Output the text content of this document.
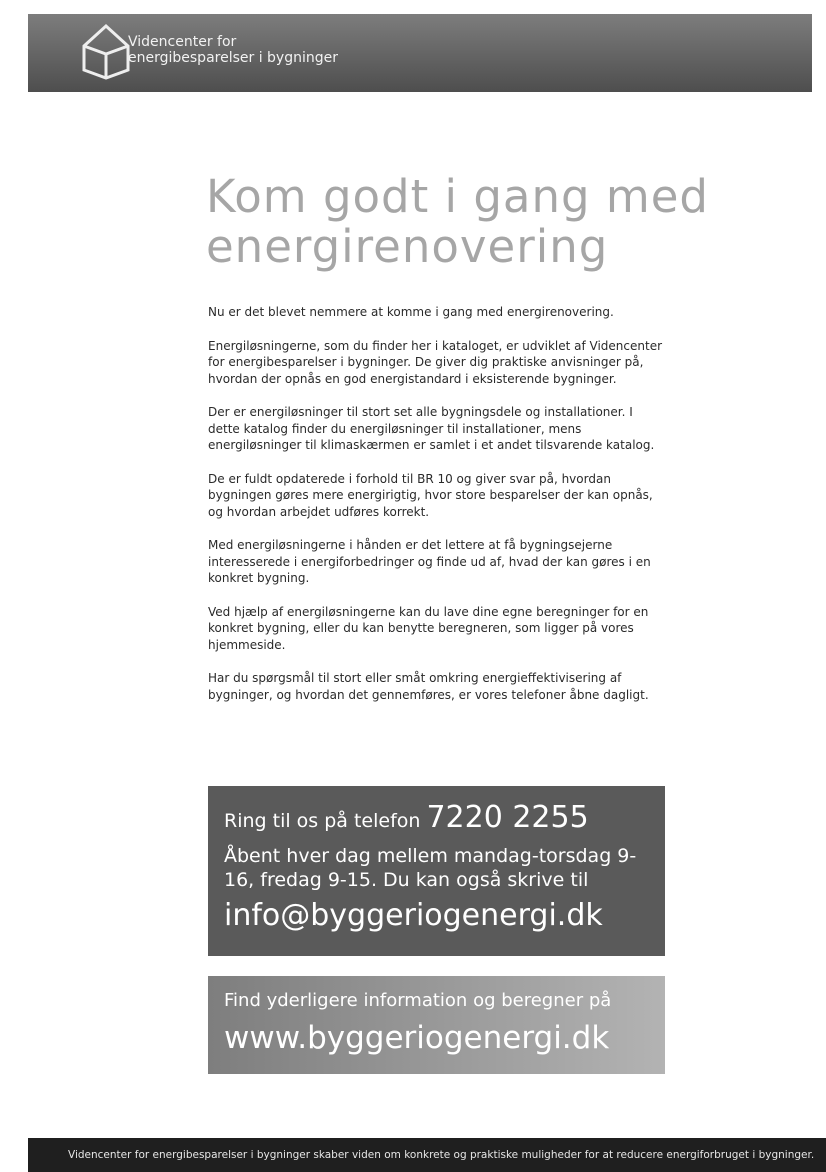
Videncenter for
energibesparelser i bygninger
Kom godt i gang med
energirenovering

Nu er det blevet nemmere at komme i gang med energirenovering.

Energiløsningerne, som du finder her i kataloget, er udviklet af Videncenter for energibesparelser i bygninger. De giver dig praktiske anvisninger på, hvordan der opnås en god energistandard i eksisterende bygninger.

Der er energiløsninger til stort set alle bygningsdele og installationer. I dette katalog finder du energiløsninger til installationer, mens energiløsninger til klimaskærmen er samlet i et andet tilsvarende katalog.

De er fuldt opdaterede i forhold til BR 10 og giver svar på, hvordan bygningen gøres mere energirigtig, hvor store besparelser der kan opnås, og hvordan arbejdet udføres korrekt.

Med energiløsningerne i hånden er det lettere at få bygningsejerne interesserede i energiforbedringer og finde ud af, hvad der kan gøres i en konkret bygning.

Ved hjælp af energiløsningerne kan du lave dine egne beregninger for en konkret bygning, eller du kan benytte beregneren, som ligger på vores hjemmeside.

Har du spørgsmål til stort eller småt omkring energieffektivisering af bygninger, og hvordan det gennemføres, er vores telefoner åbne dagligt.

Ring til os på telefon 7220 2255
Åbent hver dag mellem mandag-torsdag 9-16, fredag 9-15. Du kan også skrive til
info@byggeriogenergi.dk
Find yderligere information og beregner på
www.byggeriogenergi.dk
Videncenter for energibesparelser i bygninger skaber viden om konkrete og praktiske muligheder for at reducere energiforbruget i bygninger.
